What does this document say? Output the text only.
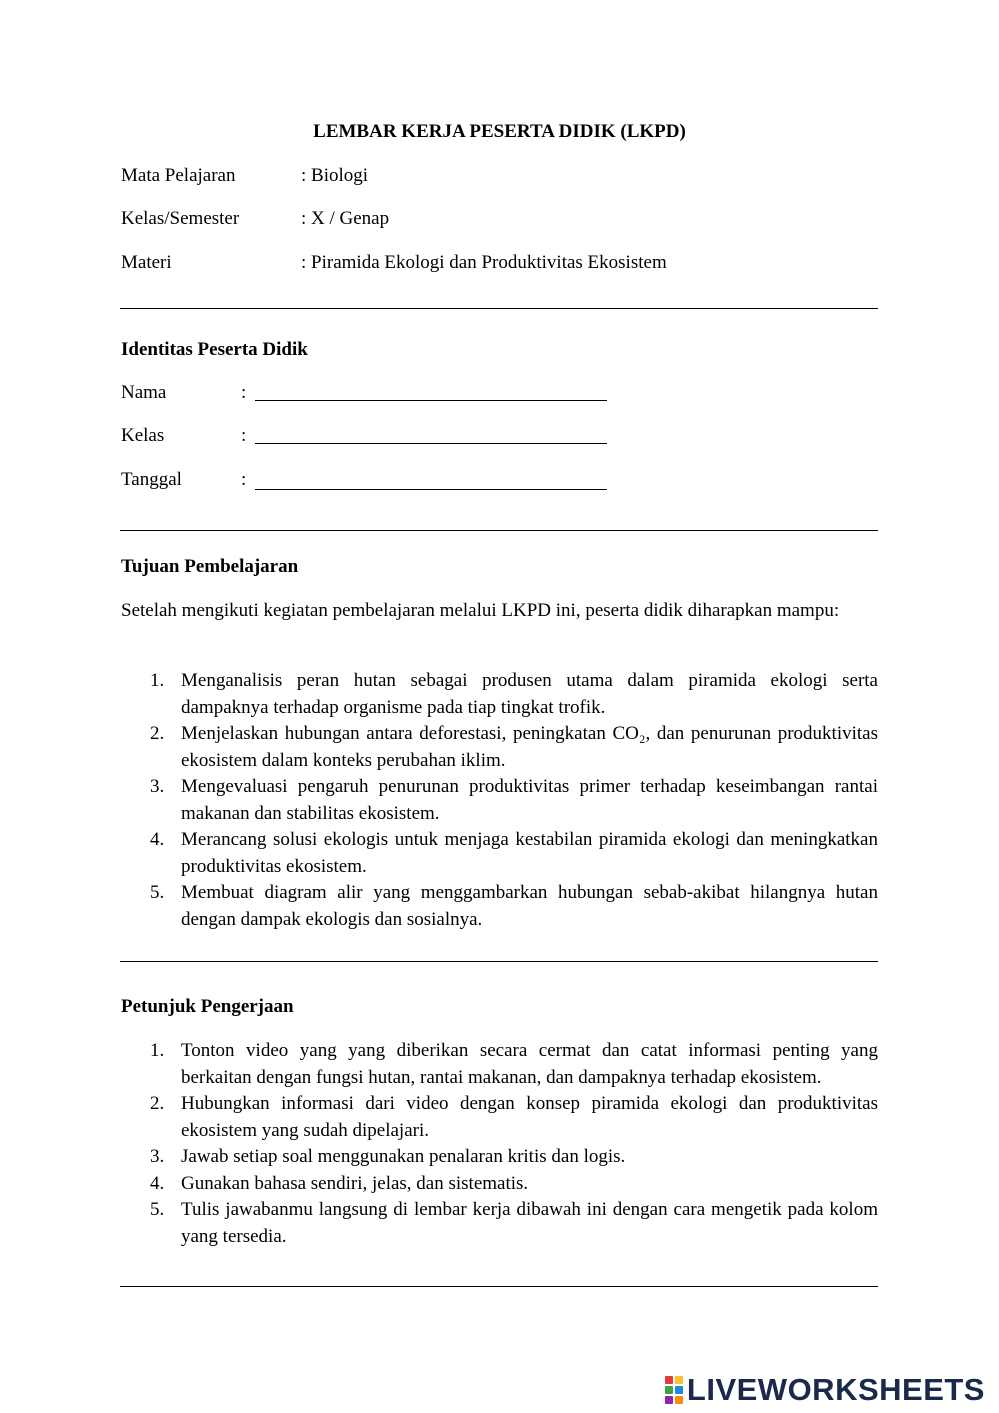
LEMBAR KERJA PESERTA DIDIK (LKPD)
Mata Pelajaran	: Biologi
Kelas/Semester	: X / Genap
Materi	: Piramida Ekologi dan Produktivitas Ekosistem
Identitas Peserta Didik
Nama	:
Kelas	:
Tanggal	:
Tujuan Pembelajaran
Setelah mengikuti kegiatan pembelajaran melalui LKPD ini, peserta didik diharapkan mampu:
1. Menganalisis peran hutan sebagai produsen utama dalam piramida ekologi serta dampaknya terhadap organisme pada tiap tingkat trofik.
2. Menjelaskan hubungan antara deforestasi, peningkatan CO₂, dan penurunan produktivitas ekosistem dalam konteks perubahan iklim.
3. Mengevaluasi pengaruh penurunan produktivitas primer terhadap keseimbangan rantai makanan dan stabilitas ekosistem.
4. Merancang solusi ekologis untuk menjaga kestabilan piramida ekologi dan meningkatkan produktivitas ekosistem.
5. Membuat diagram alir yang menggambarkan hubungan sebab-akibat hilangnya hutan dengan dampak ekologis dan sosialnya.
Petunjuk Pengerjaan
1. Tonton video yang yang diberikan secara cermat dan catat informasi penting yang berkaitan dengan fungsi hutan, rantai makanan, dan dampaknya terhadap ekosistem.
2. Hubungkan informasi dari video dengan konsep piramida ekologi dan produktivitas ekosistem yang sudah dipelajari.
3. Jawab setiap soal menggunakan penalaran kritis dan logis.
4. Gunakan bahasa sendiri, jelas, dan sistematis.
5. Tulis jawabanmu langsung di lembar kerja dibawah ini dengan cara mengetik pada kolom yang tersedia.
LIVEWORKSHEETS
